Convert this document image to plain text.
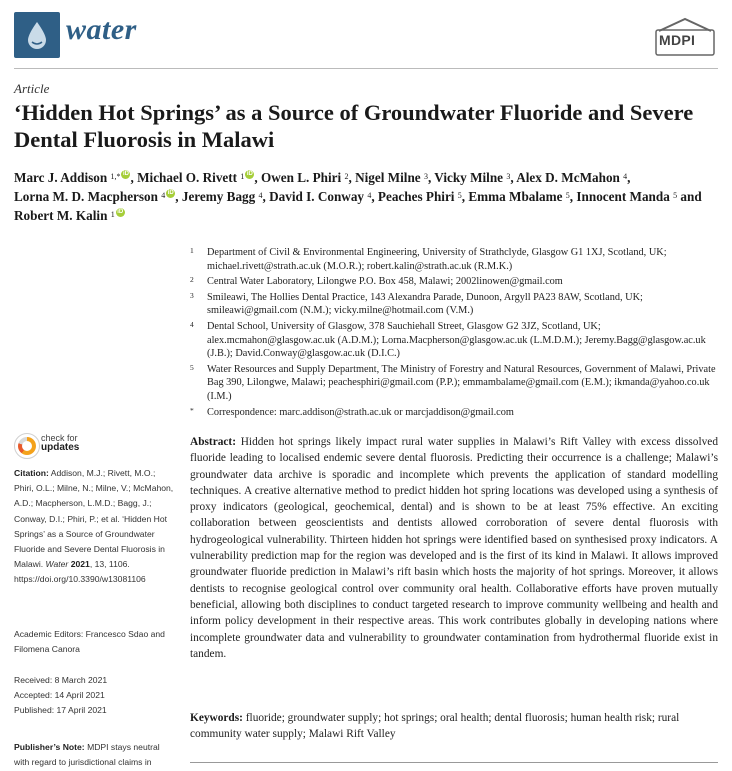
water	MDPI
Article
‘Hidden Hot Springs’ as a Source of Groundwater Fluoride and Severe Dental Fluorosis in Malawi
Marc J. Addison $^{1,*}$ iD , Michael O. Rivett $^1$ iD , Owen L. Phiri $^2$, Nigel Milne $^3$, Vicky Milne $^3$, Alex D. McMahon $^4$, Lorna M. D. Macpherson $^4$ iD , Jeremy Bagg $^4$, David I. Conway $^4$, Peaches Phiri $^5$, Emma Mbalame $^5$, Innocent Manda $^5$ and Robert M. Kalin $^1$ iD
1 Department of Civil & Environmental Engineering, University of Strathclyde, Glasgow G1 1XJ, Scotland, UK; michael.rivett@strath.ac.uk (M.O.R.); robert.kalin@strath.ac.uk (R.M.K.)
2 Central Water Laboratory, Lilongwe P.O. Box 458, Malawi; 2002linowen@gmail.com
3 Smileawi, The Hollies Dental Practice, 143 Alexandra Parade, Dunoon, Argyll PA23 8AW, Scotland, UK; smileawi@gmail.com (N.M.); vicky.milne@hotmail.com (V.M.)
4 Dental School, University of Glasgow, 378 Sauchiehall Street, Glasgow G2 3JZ, Scotland, UK; alex.mcmahon@glasgow.ac.uk (A.D.M.); Lorna.Macpherson@glasgow.ac.uk (L.M.D.M.); Jeremy.Bagg@glasgow.ac.uk (J.B.); David.Conway@glasgow.ac.uk (D.I.C.)
5 Water Resources and Supply Department, The Ministry of Forestry and Natural Resources, Government of Malawi, Private Bag 390, Lilongwe, Malawi; peachesphiri@gmail.com (P.P.); emmambalame@gmail.com (E.M.); ikmanda@yahoo.co.uk (I.M.)
* Correspondence: marc.addison@strath.ac.uk or marcjaddison@gmail.com
check for
updates
Citation: Addison, M.J.; Rivett, M.O.; Phiri, O.L.; Milne, N.; Milne, V.; McMahon, A.D.; Macpherson, L.M.D.; Bagg, J.; Conway, D.I.; Phiri, P.; et al. ‘Hidden Hot Springs’ as a Source of Groundwater Fluoride and Severe Dental Fluorosis in Malawi. Water 2021, 13, 1106. https://doi.org/10.3390/w13081106
Academic Editors: Francesco Sdao and Filomena Canora
Received: 8 March 2021
Accepted: 14 April 2021
Published: 17 April 2021
Publisher’s Note: MDPI stays neutral with regard to jurisdictional claims in
Abstract: Hidden hot springs likely impact rural water supplies in Malawi’s Rift Valley with excess dissolved fluoride leading to localised endemic severe dental fluorosis. Predicting their occurrence is a challenge; Malawi’s groundwater data archive is sporadic and incomplete which prevents the application of standard modelling techniques. A creative alternative method to predict hidden hot spring locations was developed using a synthesis of proxy indicators (geological, geochemical, dental) and is shown to be at least 75% effective. An exciting collaboration between geoscientists and dentists allowed corroboration of severe dental fluorosis with hydrogeological vulnerability. Thirteen hidden hot springs were identified based on synthesised proxy indicators. A vulnerability prediction map for the region was developed and is the first of its kind in Malawi. It allows improved groundwater fluoride prediction in Malawi’s rift basin which hosts the majority of hot springs. Moreover, it allows dentists to recognise geological control over community oral health. Collaborative efforts have proven mutually beneficial, allowing both disciplines to conduct targeted research to improve community wellbeing and health and inform policy development in their respective areas. This work contributes globally in developing nations where incomplete groundwater data and vulnerability to groundwater contamination from hydrothermal fluoride exist in tandem.
Keywords: fluoride; groundwater supply; hot springs; oral health; dental fluorosis; human health risk; rural community water supply; Malawi Rift Valley
